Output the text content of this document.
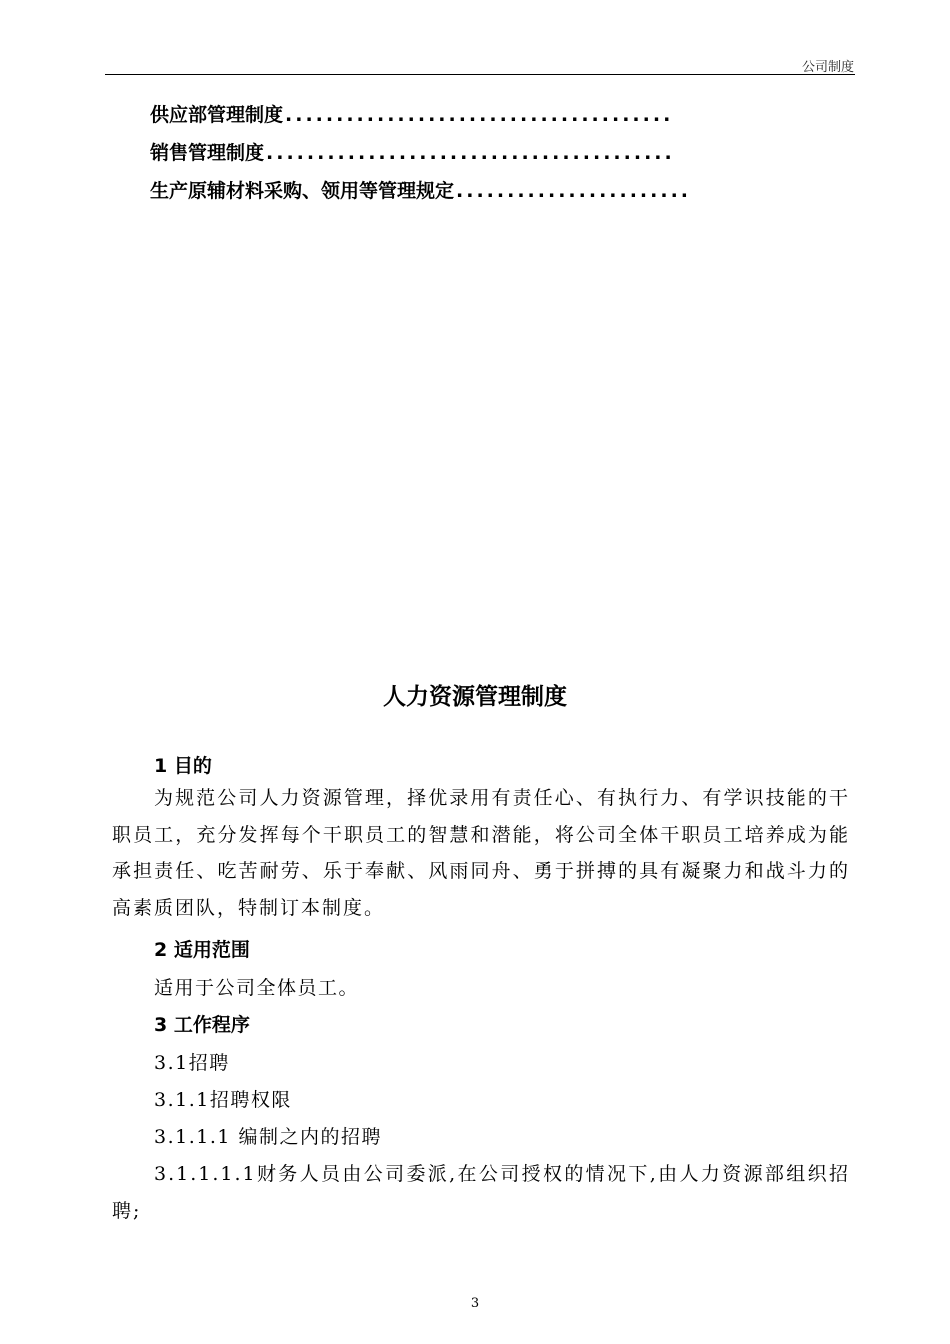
公司制度
供应部管理制度 ......................................
销售管理制度 ........................................
生产原辅材料采购、领用等管理规定 .......................
人力资源管理制度
1 目的

为规范公司人力资源管理，择优录用有责任心、有执行力、有学识技能的干职员工，充分发挥每个干职员工的智慧和潜能，将公司全体干职员工培养成为能承担责任、吃苦耐劳、乐于奉献、风雨同舟、勇于拼搏的具有凝聚力和战斗力的高素质团队，特制订本制度。

2 适用范围

适用于公司全体员工。

3 工作程序

3.1招聘

3.1.1招聘权限

3.1.1.1 编制之内的招聘

3.1.1.1.1财务人员由公司委派,在公司授权的情况下,由人力资源部组织招聘;

3
